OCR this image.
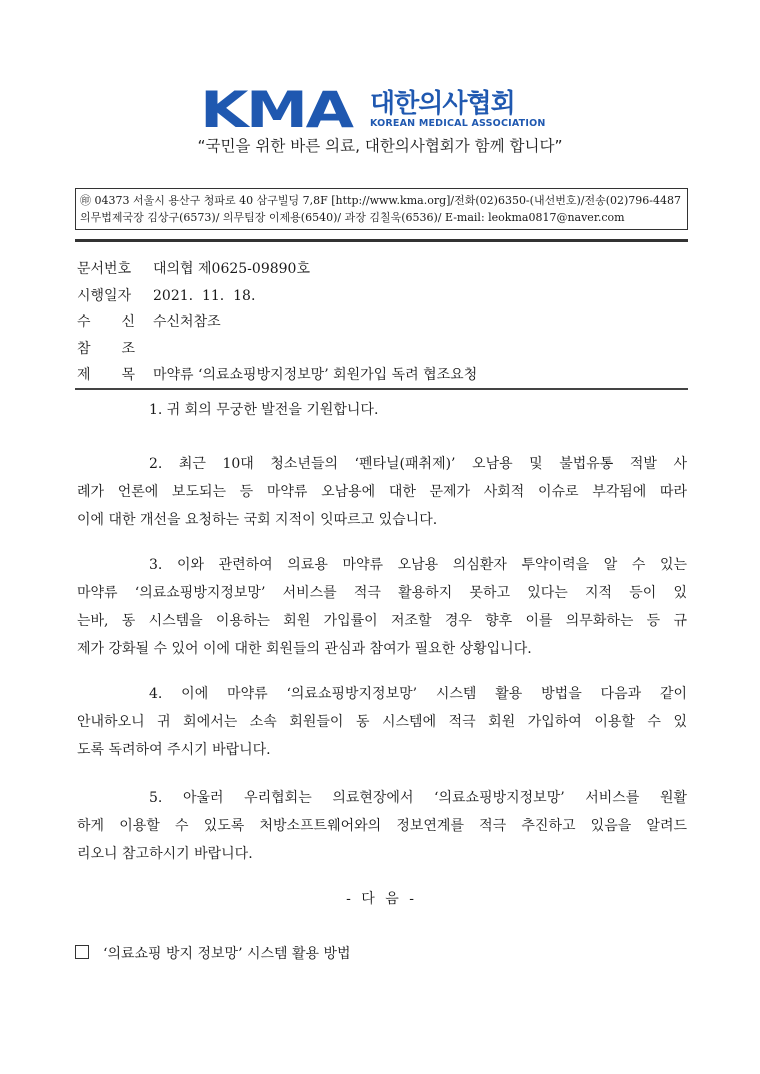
KMA 대한의사협회
KOREAN MEDICAL ASSOCIATION
“국민을 위한 바른 의료, 대한의사협회가 함께 합니다”
㊞ 04373 서울시 용산구 청파로 40 삼구빌딩 7,8F [http://www.kma.org]/전화(02)6350-(내선번호)/전송(02)796-4487
의무법제국장 김상구(6573)/ 의무팀장 이제용(6540)/ 과장 김칠욱(6536)/ E-mail: leokma0817@naver.com
문서번호	대의협 제0625-09890호
시행일자	2021.  11.  18.
수 신 수신처참조
참 조
제 목 마약류 ‘의료쇼핑방지정보망’ 회원가입 독려 협조요청
1. 귀 회의 무궁한 발전을 기원합니다.
2. 최근 10대 청소년들의 ‘펜타닐(패취제)’ 오남용 및 불법유통 적발 사
례가 언론에 보도되는 등 마약류 오남용에 대한 문제가 사회적 이슈로 부각됨에 따라
이에 대한 개선을 요청하는 국회 지적이 잇따르고 있습니다.
3. 이와 관련하여 의료용 마약류 오남용 의심환자 투약이력을 알 수 있는
마약류 ‘의료쇼핑방지정보망’ 서비스를 적극 활용하지 못하고 있다는 지적 등이 있
는바, 동 시스템을 이용하는 회원 가입률이 저조할 경우 향후 이를 의무화하는 등 규
제가 강화될 수 있어 이에 대한 회원들의 관심과 참여가 필요한 상황입니다.
4. 이에 마약류 ‘의료쇼핑방지정보망’ 시스템 활용 방법을 다음과 같이
안내하오니 귀 회에서는 소속 회원들이 동 시스템에 적극 회원 가입하여 이용할 수 있
도록 독려하여 주시기 바랍니다.
5. 아울러 우리협회는 의료현장에서 ‘의료쇼핑방지정보망’ 서비스를 원활
하게 이용할 수 있도록 처방소프트웨어와의 정보연계를 적극 추진하고 있음을 알려드
리오니 참고하시기 바랍니다.
- 다 음 -
‘의료쇼핑 방지 정보망’ 시스템 활용 방법
